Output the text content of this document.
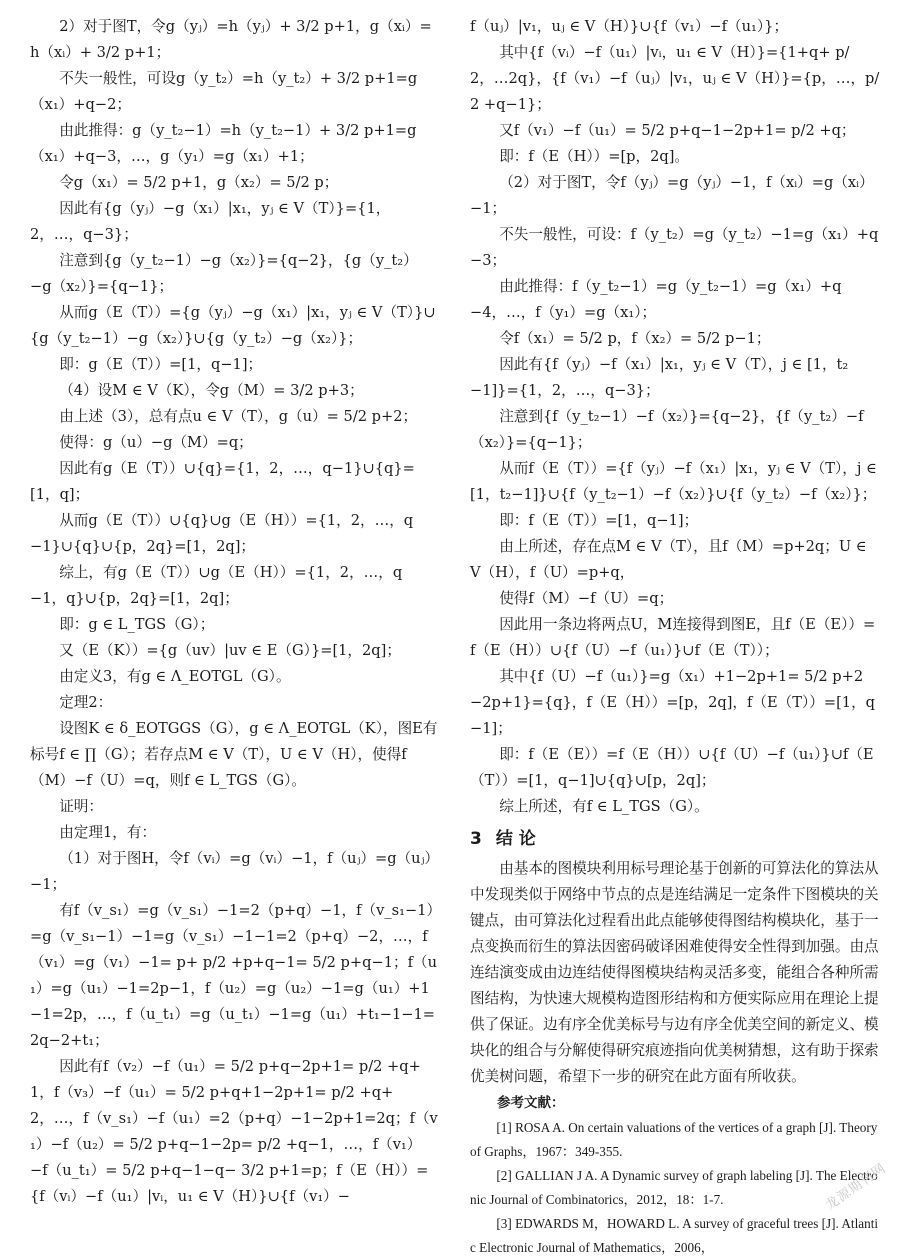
2）对于图T，令g（yⱼ）=h（yⱼ）+ 3/2 p+1，g（xᵢ）=h（xᵢ）+ 3/2 p+1；

不失一般性，可设g（y_t₂）=h（y_t₂）+ 3/2 p+1=g（x₁）+q−2；

由此推得：g（y_t₂−1）=h（y_t₂−1）+ 3/2 p+1=g（x₁）+q−3，…，g（y₁）=g（x₁）+1；

令g（x₁）= 5/2 p+1，g（x₂）= 5/2 p；

因此有{g（yⱼ）−g（x₁）|x₁，yⱼ ∈ V（T）}={1，2，…，q−3}；

注意到{g（y_t₂−1）−g（x₂）}={q−2}，{g（y_t₂）−g（x₂）}={q−1}；

从而g（E（T））={g（yⱼ）−g（x₁）|x₁，yⱼ ∈ V（T）}∪{g（y_t₂−1）−g（x₂）}∪{g（y_t₂）−g（x₂）}；

即：g（E（T））=[1，q−1]；

（4）设M ∈ V（K），令g（M）= 3/2 p+3；

由上述（3），总有点u ∈ V（T），g（u）= 5/2 p+2；

使得：g（u）−g（M）=q；

因此有g（E（T））∪{q}={1，2，…，q−1}∪{q}=[1，q]；

从而g（E（T））∪{q}∪g（E（H））={1，2，…，q−1}∪{q}∪{p，2q}=[1，2q]；

综上，有g（E（T））∪g（E（H））={1，2，…，q−1，q}∪{p，2q}=[1，2q]；

即：g ∈ L_TGS（G）；

又（E（K））={g（uv）|uv ∈ E（G）}=[1，2q]；

由定义3，有g ∈ Λ_EOTGL（G）。

定理2：

设图K ∈ δ_EOTGGS（G），g ∈ Λ_EOTGL（K），图E有标号f ∈ ∏（G）；若存点M ∈ V（T），U ∈ V（H），使得f（M）−f（U）=q，则f ∈ L_TGS（G）。

证明：

由定理1，有：

（1）对于图H，令f（vᵢ）=g（vᵢ）−1，f（uⱼ）=g（uⱼ）−1；

有f（v_s₁）=g（v_s₁）−1=2（p+q）−1，f（v_s₁−1）=g（v_s₁−1）−1=g（v_s₁）−1−1=2（p+q）−2，…，f（v₁）=g（v₁）−1= p+ p/2 +p+q−1= 5/2 p+q−1；f（u₁）=g（u₁）−1=2p−1，f（u₂）=g（u₂）−1=g（u₁）+1−1=2p，…，f（u_t₁）=g（u_t₁）−1=g（u₁）+t₁−1−1=2q−2+t₁；

因此有f（v₂）−f（u₁）= 5/2 p+q−2p+1= p/2 +q+1，f（v₃）−f（u₁）= 5/2 p+q+1−2p+1= p/2 +q+2，…，f（v_s₁）−f（u₁）=2（p+q）−1−2p+1=2q；f（v₁）−f（u₂）= 5/2 p+q−1−2p= p/2 +q−1，…，f（v₁）−f（u_t₁）= 5/2 p+q−1−q− 3/2 p+1=p；f（E（H））={f（vᵢ）−f（u₁）|vᵢ，u₁ ∈ V（H）}∪{f（v₁）−

f（uⱼ）|v₁，uⱼ ∈ V（H）}∪{f（v₁）−f（u₁）}；

其中{f（vᵢ）−f（u₁）|vᵢ，u₁ ∈ V（H）}={1+q+ p/2，…2q}，{f（v₁）−f（uⱼ）|v₁，uⱼ ∈ V（H）}={p，…，p/2 +q−1}；

又f（v₁）−f（u₁）= 5/2 p+q−1−2p+1= p/2 +q；

即：f（E（H））=[p，2q]。

（2）对于图T，令f（yⱼ）=g（yⱼ）−1，f（xᵢ）=g（xᵢ）−1；

不失一般性，可设：f（y_t₂）=g（y_t₂）−1=g（x₁）+q−3；

由此推得：f（y_t₂−1）=g（y_t₂−1）=g（x₁）+q−4，…，f（y₁）=g（x₁）；

令f（x₁）= 5/2 p，f（x₂）= 5/2 p−1；

因此有{f（yⱼ）−f（x₁）|x₁，yⱼ ∈ V（T），j ∈ [1，t₂−1]}={1，2，…，q−3}；

注意到{f（y_t₂−1）−f（x₂）}={q−2}，{f（y_t₂）−f（x₂）}={q−1}；

从而f（E（T））={f（yⱼ）−f（x₁）|x₁，yⱼ ∈ V（T），j ∈ [1，t₂−1]}∪{f（y_t₂−1）−f（x₂）}∪{f（y_t₂）−f（x₂）}；

即：f（E（T））=[1，q−1]；

由上所述，存在点M ∈ V（T），且f（M）=p+2q；U ∈ V（H），f（U）=p+q，

使得f（M）−f（U）=q；

因此用一条边将两点U，M连接得到图E，且f（E（E））=f（E（H））∪{f（U）−f（u₁）}∪f（E（T））；

其中{f（U）−f（u₁）}=g（x₁）+1−2p+1= 5/2 p+2−2p+1}={q}，f（E（H））=[p，2q]，f（E（T））=[1，q−1]；

即：f（E（E））=f（E（H））∪{f（U）−f（u₁）}∪f（E（T））=[1，q−1]∪{q}∪[p，2q]；

综上所述，有f ∈ L_TGS（G）。

3 结 论

由基本的图模块利用标号理论基于创新的可算法化的算法从中发现类似于网络中节点的点是连结满足一定条件下图模块的关键点，由可算法化过程看出此点能够使得图结构模块化，基于一点变换而衍生的算法因密码破译困难使得安全性得到加强。由点连结演变成由边连结使得图模块结构灵活多变，能组合各种所需图结构，为快速大规模构造图形结构和方便实际应用在理论上提供了保证。边有序全优美标号与边有序全优美空间的新定义、模块化的组合与分解使得研究痕迹指向优美树猜想，这有助于探索优美树问题，希望下一步的研究在此方面有所收获。

参考文献：

[1] ROSA A. On certain valuations of the vertices of a graph [J]. Theory of Graphs，1967：349-355.

[2] GALLIAN J A. A Dynamic survey of graph labeling [J]. The Electronic Journal of Combinatorics，2012，18：1-7.

[3] EDWARDS M，HOWARD L. A survey of graceful trees [J]. Atlantic Electronic Journal of Mathematics，2006，

龙源期刊网
